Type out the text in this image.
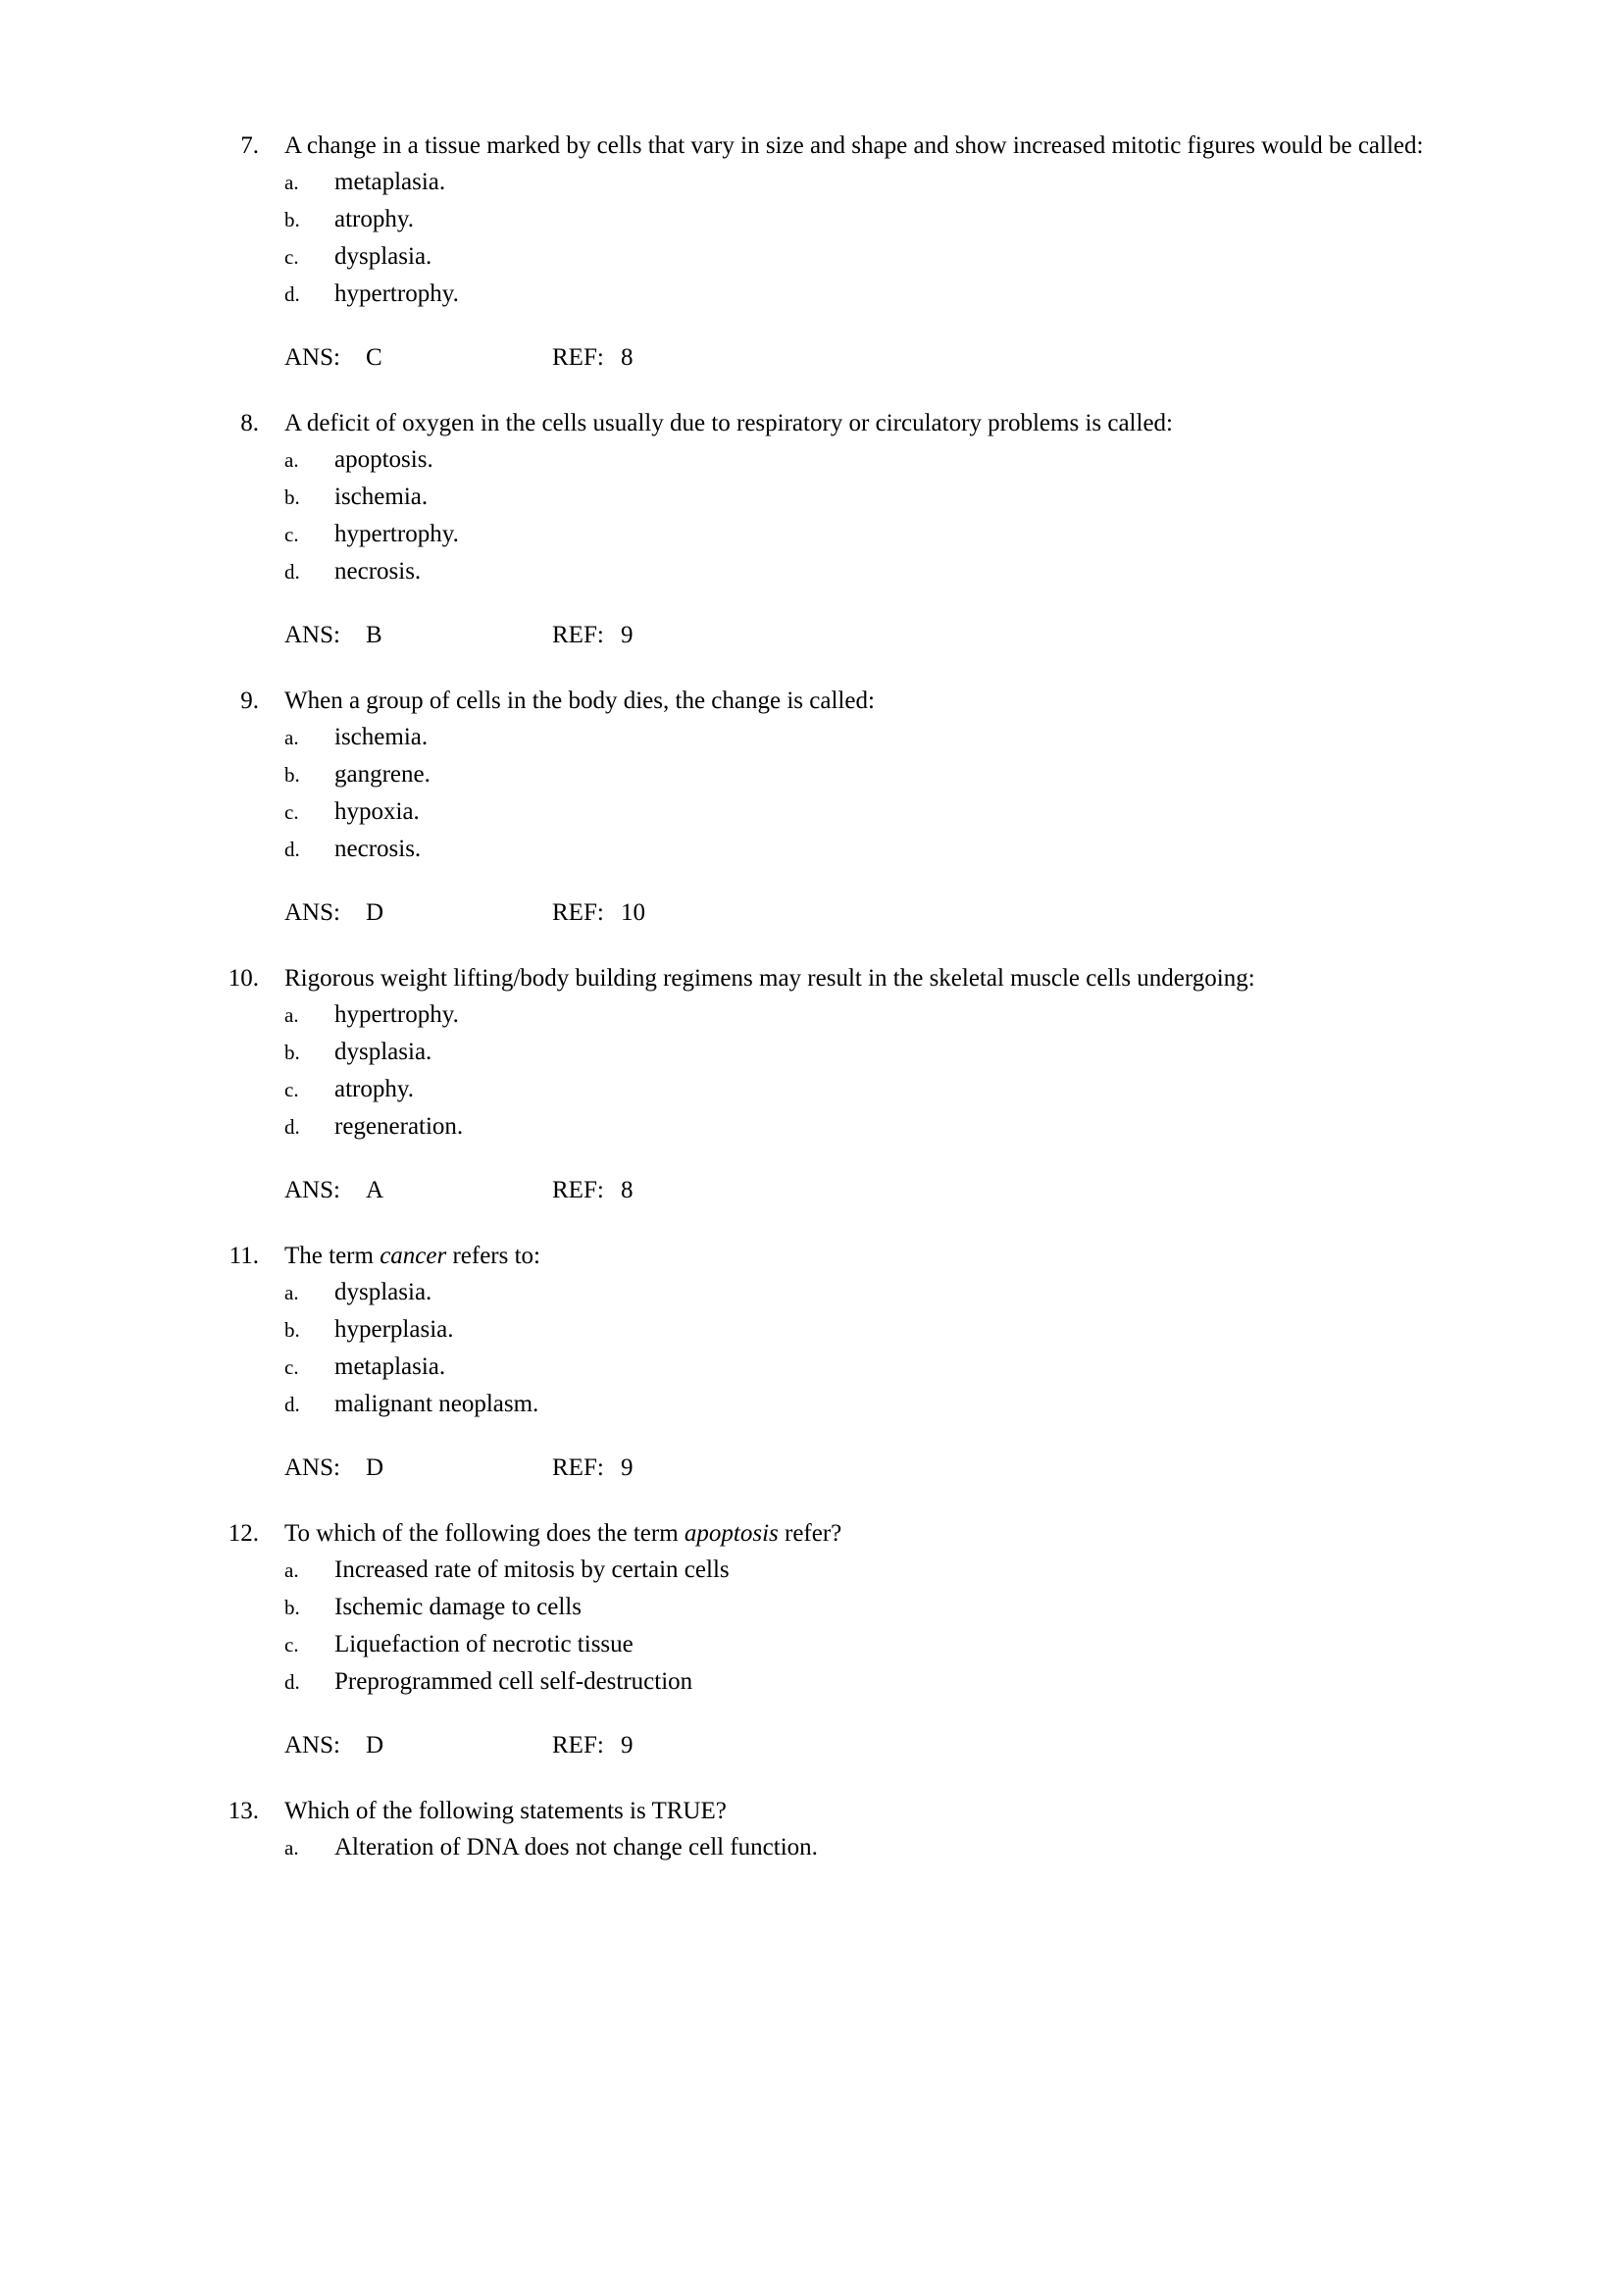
7. A change in a tissue marked by cells that vary in size and shape and show increased mitotic figures would be called:
a.	metaplasia.
b.	atrophy.
c.	dysplasia.
d.	hypertrophy.
ANS:	C	REF: 8
8. A deficit of oxygen in the cells usually due to respiratory or circulatory problems is called:
a.	apoptosis.
b.	ischemia.
c.	hypertrophy.
d.	necrosis.
ANS:	B	REF: 9
9. When a group of cells in the body dies, the change is called:
a.	ischemia.
b.	gangrene.
c.	hypoxia.
d.	necrosis.
ANS:	D	REF: 10
10. Rigorous weight lifting/body building regimens may result in the skeletal muscle cells undergoing:
a.	hypertrophy.
b.	dysplasia.
c.	atrophy.
d.	regeneration.
ANS:	A	REF: 8
11. The term cancer refers to:
a.	dysplasia.
b.	hyperplasia.
c.	metaplasia.
d.	malignant neoplasm.
ANS:	D	REF: 9
12. To which of the following does the term apoptosis refer?
a.	Increased rate of mitosis by certain cells
b.	Ischemic damage to cells
c.	Liquefaction of necrotic tissue
d.	Preprogrammed cell self-destruction
ANS:	D	REF: 9
13. Which of the following statements is TRUE?
a.	Alteration of DNA does not change cell function.
